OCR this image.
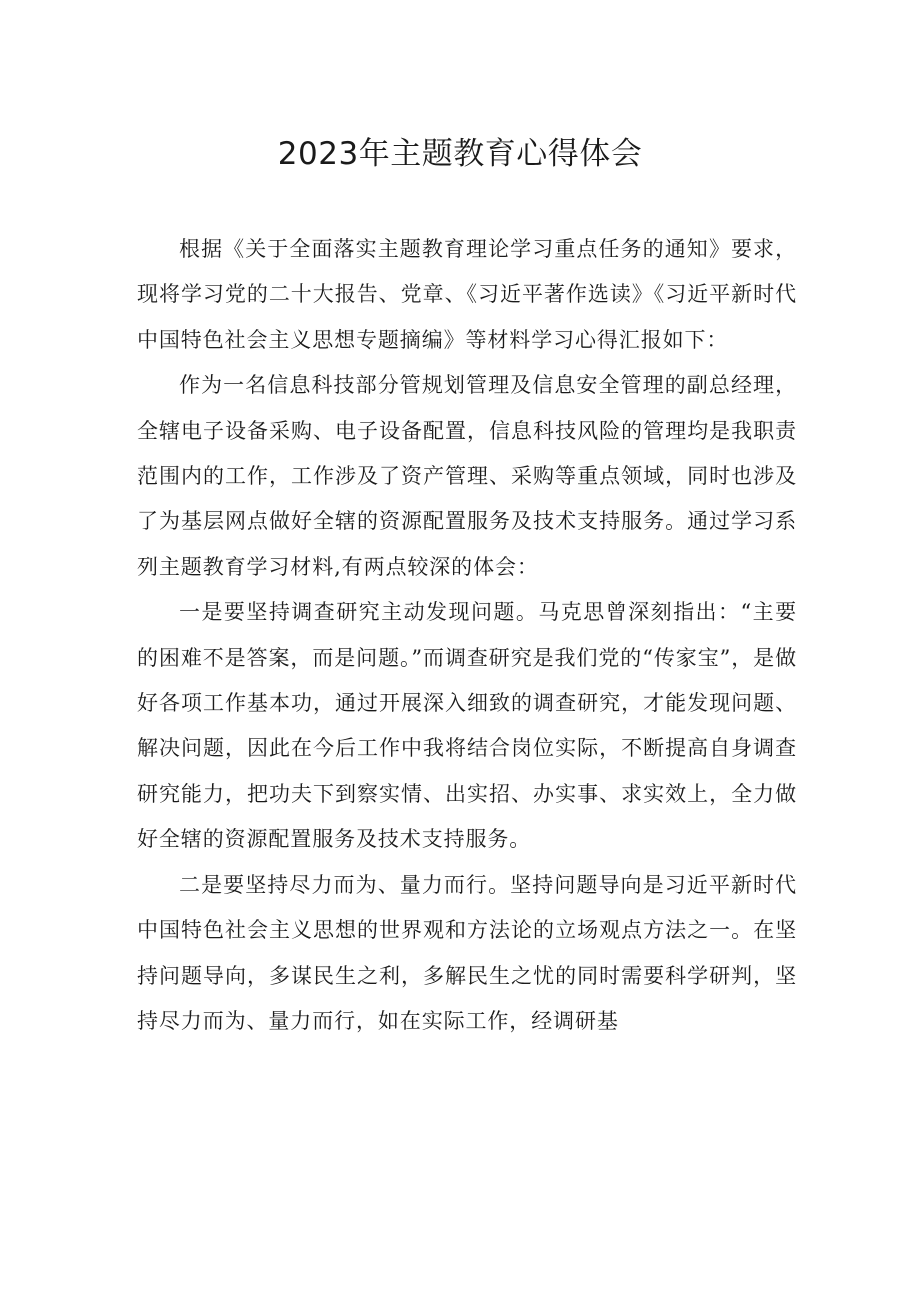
2023年主题教育心得体会

根据《关于全面落实主题教育理论学习重点任务的通知》要求，现将学习党的二十大报告、党章、《习近平著作选读》《习近平新时代中国特色社会主义思想专题摘编》等材料学习心得汇报如下：

作为一名信息科技部分管规划管理及信息安全管理的副总经理，全辖电子设备采购、电子设备配置，信息科技风险的管理均是我职责范围内的工作，工作涉及了资产管理、采购等重点领域，同时也涉及了为基层网点做好全辖的资源配置服务及技术支持服务。通过学习系列主题教育学习材料,有两点较深的体会：

一是要坚持调查研究主动发现问题。马克思曾深刻指出：“主要的困难不是答案，而是问题。”而调查研究是我们党的“传家宝”，是做好各项工作基本功，通过开展深入细致的调查研究，才能发现问题、解决问题，因此在今后工作中我将结合岗位实际，不断提高自身调查研究能力，把功夫下到察实情、出实招、办实事、求实效上，全力做好全辖的资源配置服务及技术支持服务。

二是要坚持尽力而为、量力而行。坚持问题导向是习近平新时代中国特色社会主义思想的世界观和方法论的立场观点方法之一。在坚持问题导向，多谋民生之利，多解民生之忧的同时需要科学研判，坚持尽力而为、量力而行，如在实际工作，经调研基
